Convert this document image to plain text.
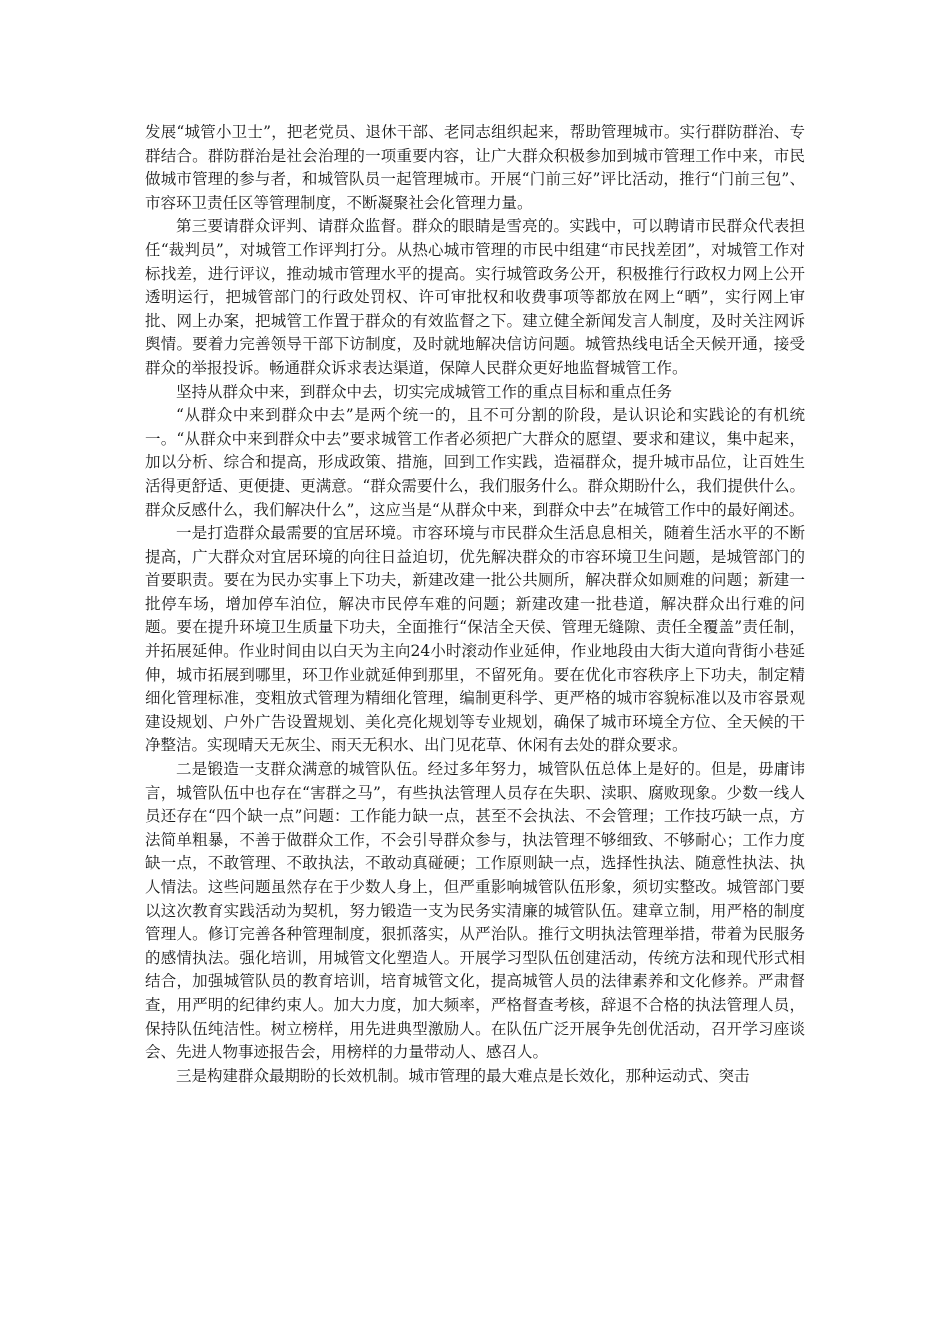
发展“城管小卫士”，把老党员、退休干部、老同志组织起来，帮助管理城市。实行群防群治、专群结合。群防群治是社会治理的一项重要内容，让广大群众积极参加到城市管理工作中来，市民做城市管理的参与者，和城管队员一起管理城市。开展“门前三好”评比活动，推行“门前三包”、市容环卫责任区等管理制度，不断凝聚社会化管理力量。

第三要请群众评判、请群众监督。群众的眼睛是雪亮的。实践中，可以聘请市民群众代表担任“裁判员”，对城管工作评判打分。从热心城市管理的市民中组建“市民找差团”，对城管工作对标找差，进行评议，推动城市管理水平的提高。实行城管政务公开，积极推行行政权力网上公开透明运行，把城管部门的行政处罚权、许可审批权和收费事项等都放在网上“晒”，实行网上审批、网上办案，把城管工作置于群众的有效监督之下。建立健全新闻发言人制度，及时关注网诉舆情。要着力完善领导干部下访制度，及时就地解决信访问题。城管热线电话全天候开通，接受群众的举报投诉。畅通群众诉求表达渠道，保障人民群众更好地监督城管工作。

坚持从群众中来，到群众中去，切实完成城管工作的重点目标和重点任务

“从群众中来到群众中去”是两个统一的，且不可分割的阶段，是认识论和实践论的有机统一。“从群众中来到群众中去”要求城管工作者必须把广大群众的愿望、要求和建议，集中起来，加以分析、综合和提高，形成政策、措施，回到工作实践，造福群众，提升城市品位，让百姓生活得更舒适、更便捷、更满意。“群众需要什么，我们服务什么。群众期盼什么，我们提供什么。群众反感什么，我们解决什么”，这应当是“从群众中来，到群众中去”在城管工作中的最好阐述。

一是打造群众最需要的宜居环境。市容环境与市民群众生活息息相关，随着生活水平的不断提高，广大群众对宜居环境的向往日益迫切，优先解决群众的市容环境卫生问题，是城管部门的首要职责。要在为民办实事上下功夫，新建改建一批公共厕所，解决群众如厕难的问题；新建一批停车场，增加停车泊位，解决市民停车难的问题；新建改建一批巷道，解决群众出行难的问题。要在提升环境卫生质量下功夫，全面推行“保洁全天侯、管理无缝隙、责任全覆盖”责任制，并拓展延伸。作业时间由以白天为主向24小时滚动作业延伸，作业地段由大街大道向背街小巷延伸，城市拓展到哪里，环卫作业就延伸到那里，不留死角。要在优化市容秩序上下功夫，制定精细化管理标准，变粗放式管理为精细化管理，编制更科学、更严格的城市容貌标准以及市容景观建设规划、户外广告设置规划、美化亮化规划等专业规划，确保了城市环境全方位、全天候的干净整洁。实现晴天无灰尘、雨天无积水、出门见花草、休闲有去处的群众要求。

二是锻造一支群众满意的城管队伍。经过多年努力，城管队伍总体上是好的。但是，毋庸讳言，城管队伍中也存在“害群之马”，有些执法管理人员存在失职、渎职、腐败现象。少数一线人员还存在“四个缺一点”问题：工作能力缺一点，甚至不会执法、不会管理；工作技巧缺一点，方法简单粗暴，不善于做群众工作，不会引导群众参与，执法管理不够细致、不够耐心；工作力度缺一点，不敢管理、不敢执法，不敢动真碰硬；工作原则缺一点，选择性执法、随意性执法、执人情法。这些问题虽然存在于少数人身上，但严重影响城管队伍形象，须切实整改。城管部门要以这次教育实践活动为契机，努力锻造一支为民务实清廉的城管队伍。建章立制，用严格的制度管理人。修订完善各种管理制度，狠抓落实，从严治队。推行文明执法管理举措，带着为民服务的感情执法。强化培训，用城管文化塑造人。开展学习型队伍创建活动，传统方法和现代形式相结合，加强城管队员的教育培训，培育城管文化，提高城管人员的法律素养和文化修养。严肃督查，用严明的纪律约束人。加大力度，加大频率，严格督查考核，辞退不合格的执法管理人员，保持队伍纯洁性。树立榜样，用先进典型激励人。在队伍广泛开展争先创优活动，召开学习座谈会、先进人物事迹报告会，用榜样的力量带动人、感召人。

三是构建群众最期盼的长效机制。城市管理的最大难点是长效化，那种运动式、突击
